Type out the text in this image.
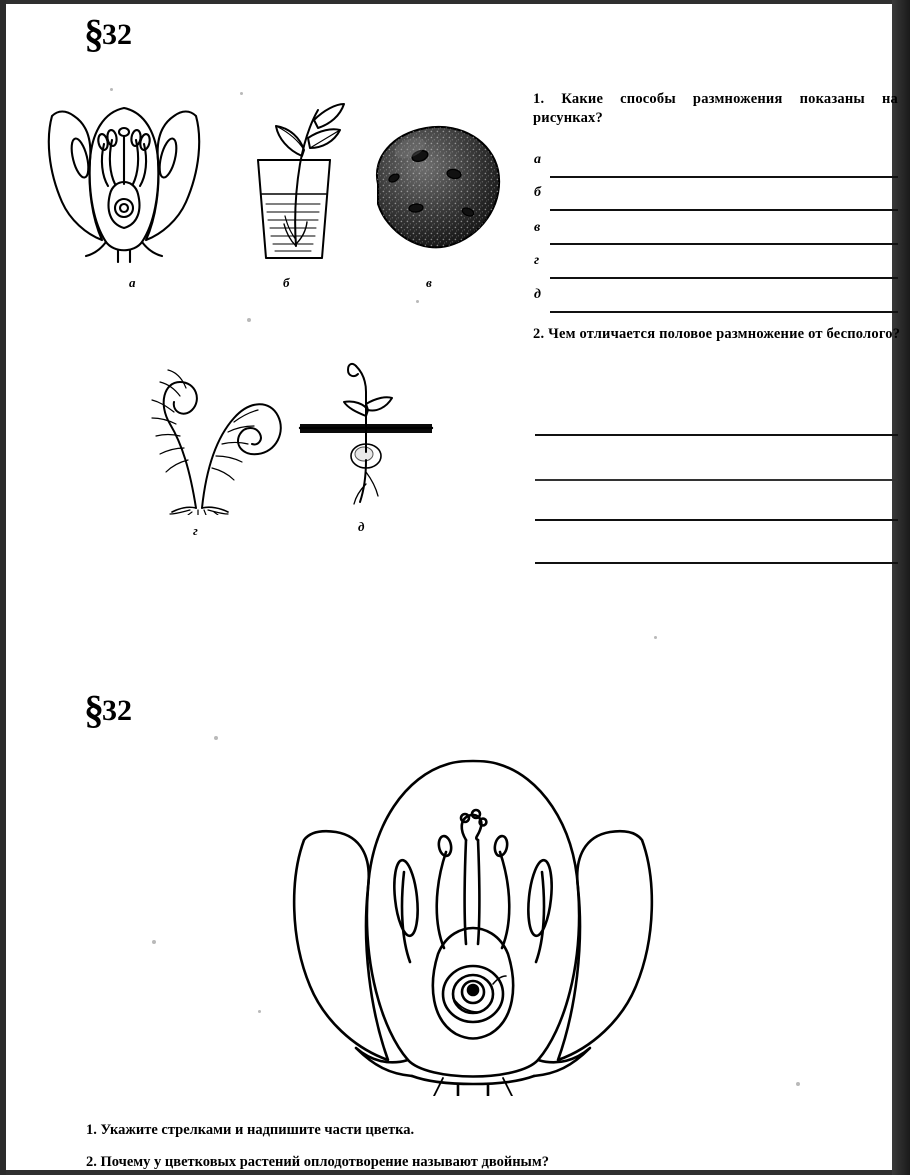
§32
а	б	в
г	д
1. Какие способы размножения показаны на рисунках?
а
б
в
г
д
2. Чем отличается половое размножение от бесполого?
§32
1. Укажите стрелками и надпишите части цветка.
2. Почему у цветковых растений оплодотворение называют двойным?
